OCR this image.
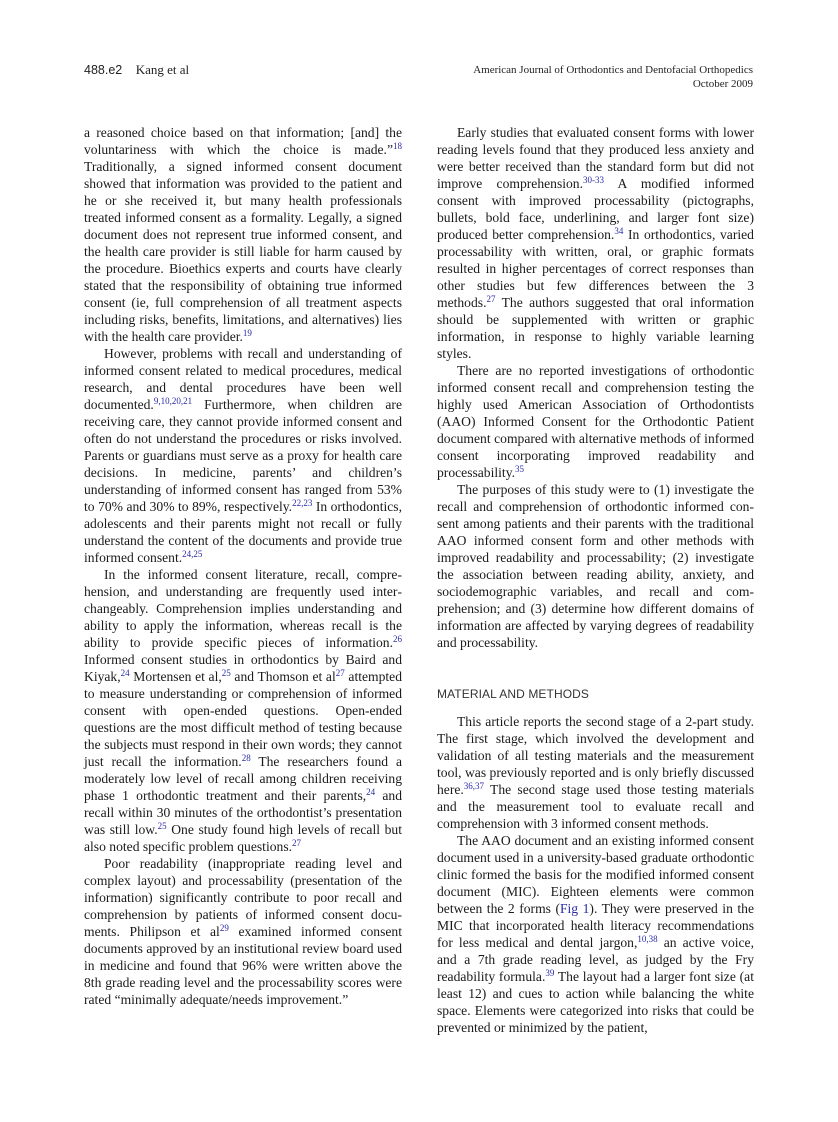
488.e2 Kang et al	American Journal of Orthodontics and Dentofacial Orthopedics
October 2009

a reasoned choice based on that information; [and] the voluntariness with which the choice is made.”$^{18}$ Traditionally, a signed informed consent document showed that information was provided to the patient and he or she received it, but many health professionals treated informed consent as a formality. Legally, a signed document does not represent true informed consent, and the health care provider is still liable for harm caused by the procedure. Bioethics experts and courts have clearly stated that the responsibility of obtaining true informed consent (ie, full comprehension of all treatment aspects including risks, benefits, limitations, and alternatives) lies with the health care provider.$^{19}$

However, problems with recall and understanding of informed consent related to medical procedures, medical research, and dental procedures have been well documented.$^{9,10,20,21}$ Furthermore, when children are receiving care, they cannot provide informed consent and often do not understand the procedures or risks involved. Parents or guardians must serve as a proxy for health care decisions. In medicine, parents’ and children’s understanding of informed consent has ranged from 53% to 70% and 30% to 89%, respectively.$^{22,23}$ In orthodontics, adolescents and their parents might not recall or fully understand the content of the documents and provide true informed consent.$^{24,25}$

In the informed consent literature, recall, comprehension, and understanding are frequently used interchangeably. Comprehension implies understanding and ability to apply the information, whereas recall is the ability to provide specific pieces of information.$^{26}$ Informed consent studies in orthodontics by Baird and Kiyak,$^{24}$ Mortensen et al,$^{25}$ and Thomson et al$^{27}$ attempted to measure understanding or comprehension of informed consent with open-ended questions. Open-ended questions are the most difficult method of testing because the subjects must respond in their own words; they cannot just recall the information.$^{28}$ The researchers found a moderately low level of recall among children receiving phase 1 orthodontic treatment and their parents,$^{24}$ and recall within 30 minutes of the orthodontist’s presentation was still low.$^{25}$ One study found high levels of recall but also noted specific problem questions.$^{27}$

Poor readability (inappropriate reading level and complex layout) and processability (presentation of the information) significantly contribute to poor recall and comprehension by patients of informed consent documents. Philipson et al$^{29}$ examined informed consent documents approved by an institutional review board used in medicine and found that 96% were written above the 8th grade reading level and the processability scores were rated “minimally adequate/needs improvement.”

Early studies that evaluated consent forms with lower reading levels found that they produced less anxiety and were better received than the standard form but did not improve comprehension.$^{30-33}$ A modified informed consent with improved processability (pictographs, bullets, bold face, underlining, and larger font size) produced better comprehension.$^{34}$ In orthodontics, varied processability with written, oral, or graphic formats resulted in higher percentages of correct responses than other studies but few differences between the 3 methods.$^{27}$ The authors suggested that oral information should be supplemented with written or graphic information, in response to highly variable learning styles.

There are no reported investigations of orthodontic informed consent recall and comprehension testing the highly used American Association of Orthodontists (AAO) Informed Consent for the Orthodontic Patient document compared with alternative methods of informed consent incorporating improved readability and processability.$^{35}$

The purposes of this study were to (1) investigate the recall and comprehension of orthodontic informed consent among patients and their parents with the traditional AAO informed consent form and other methods with improved readability and processability; (2) investigate the association between reading ability, anxiety, and sociodemographic variables, and recall and comprehension; and (3) determine how different domains of information are affected by varying degrees of readability and processability.

MATERIAL AND METHODS

This article reports the second stage of a 2-part study. The first stage, which involved the development and validation of all testing materials and the measurement tool, was previously reported and is only briefly discussed here.$^{36,37}$ The second stage used those testing materials and the measurement tool to evaluate recall and comprehension with 3 informed consent methods.

The AAO document and an existing informed consent document used in a university-based graduate orthodontic clinic formed the basis for the modified informed consent document (MIC). Eighteen elements were common between the 2 forms (Fig 1). They were preserved in the MIC that incorporated health literacy recommendations for less medical and dental jargon,$^{10,38}$ an active voice, and a 7th grade reading level, as judged by the Fry readability formula.$^{39}$ The layout had a larger font size (at least 12) and cues to action while balancing the white space. Elements were categorized into risks that could be prevented or minimized by the patient,
